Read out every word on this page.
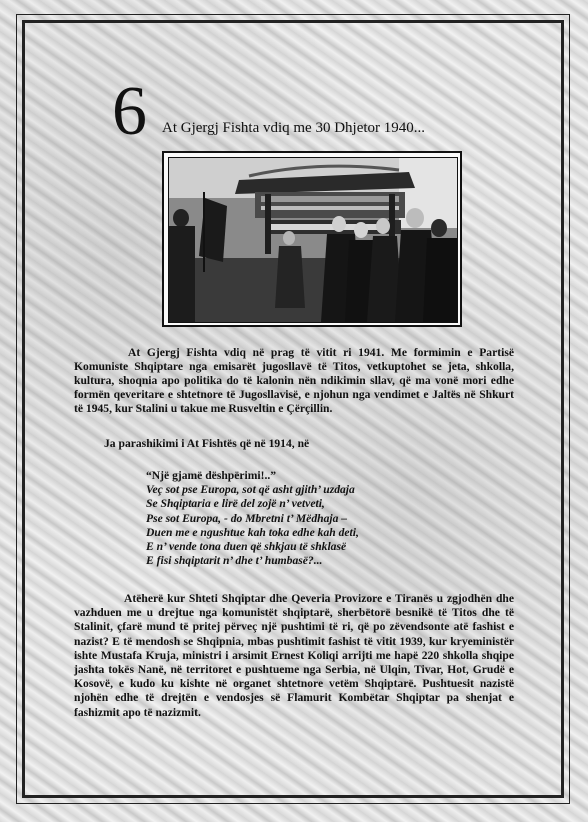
6 At Gjergj Fishta vdiq me 30 Dhjetor 1940...
At Gjergj Fishta vdiq në prag të vitit ri 1941. Me formimin e Partisë Komuniste Shqiptare nga emisarët jugosllavë të Titos, vetkuptohet se jeta, shkolla, kultura, shoqnia apo politika do të kalonin nën ndikimin sllav, që ma vonë mori edhe formën qeveritare e shtetnore të Jugosllavisë, e njohun nga vendimet e Jaltës në Shkurt të 1945, kur Stalini u takue me Rusveltin e Çërçillin.
Ja parashikimi i At Fishtës që në 1914, në
“Një gjamë dëshpërimi!..”
Veç sot pse Europa, sot që asht gjith’ uzdaja
Se Shqiptaria e lirë del zojë n’ vetveti,
Pse sot Europa, - do Mbretni t’ Mëdhaja –
Duen me e ngushtue kah toka edhe kah deti,
E n’ vende tona duen që shkjau të shklasë
E fisi shqiptarit n’ dhe t’ humbasë?...
Atëherë kur Shteti Shqiptar dhe Qeveria Provizore e Tiranës u zgjodhën dhe vazhduen me u drejtue nga komunistët shqiptarë, sherbëtorë besnikë të Titos dhe të Stalinit, çfarë mund të pritej përveç një pushtimi të ri, që po zëvendsonte atë fashist e nazist? E të mendosh se Shqipnia, mbas pushtimit fashist të vitit 1939, kur kryeministër ishte Mustafa Kruja, ministri i arsimit Ernest Koliqi arrijti me hapë 220 shkolla shqipe jashta tokës Nanë, në territoret e pushtueme nga Serbia, në Ulqin, Tivar, Hot, Grudë e Kosovë, e kudo ku kishte në organet shtetnore vetëm Shqiptarë. Pushtuesit nazistë njohën edhe të drejtën e vendosjes së Flamurit Kombëtar Shqiptar pa shenjat e fashizmit apo të nazizmit.
